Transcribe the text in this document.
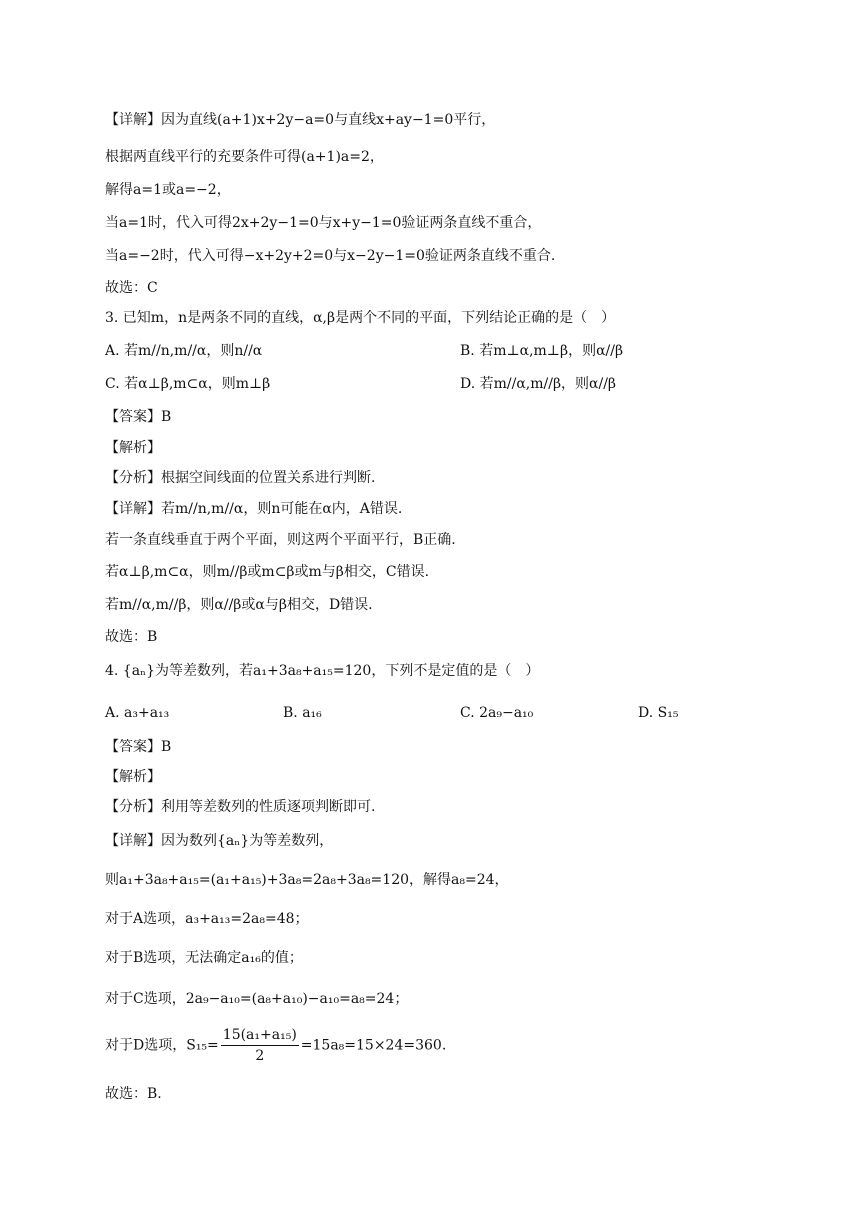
【详解】因为直线(a+1)x+2y−a=0与直线x+ay−1=0平行，
根据两直线平行的充要条件可得(a+1)a=2，
解得a=1或a=−2，
当a=1时，代入可得2x+2y−1=0与x+y−1=0验证两条直线不重合，
当a=−2时，代入可得−x+2y+2=0与x−2y−1=0验证两条直线不重合.
故选：C
3. 已知m，n是两条不同的直线，α,β是两个不同的平面，下列结论正确的是（　）
A. 若m//n,m//α，则n//α	B. 若m⊥α,m⊥β，则α//β
C. 若α⊥β,m⊂α，则m⊥β	D. 若m//α,m//β，则α//β
【答案】B
【解析】
【分析】根据空间线面的位置关系进行判断.
【详解】若m//n,m//α，则n可能在α内，A错误.
若一条直线垂直于两个平面，则这两个平面平行，B正确.
若α⊥β,m⊂α，则m//β或m⊂β或m与β相交，C错误.
若m//α,m//β，则α//β或α与β相交，D错误.
故选：B
4. {aₙ}为等差数列，若a₁+3a₈+a₁₅=120，下列不是定值的是（　）
A. a₃+a₁₃	B. a₁₆	C. 2a₉−a₁₀	D. S₁₅
【答案】B
【解析】
【分析】利用等差数列的性质逐项判断即可.
【详解】因为数列{aₙ}为等差数列，
则a₁+3a₈+a₁₅=(a₁+a₁₅)+3a₈=2a₈+3a₈=120，解得a₈=24，
对于A选项，a₃+a₁₃=2a₈=48；
对于B选项，无法确定a₁₆的值；
对于C选项，2a₉−a₁₀=(a₈+a₁₀)−a₁₀=a₈=24；
对于D选项，$S_{15}= \frac{\text{15(a₁+a₁₅)}}{2} =15a_8=15\times 24=360$.
故选：B.
